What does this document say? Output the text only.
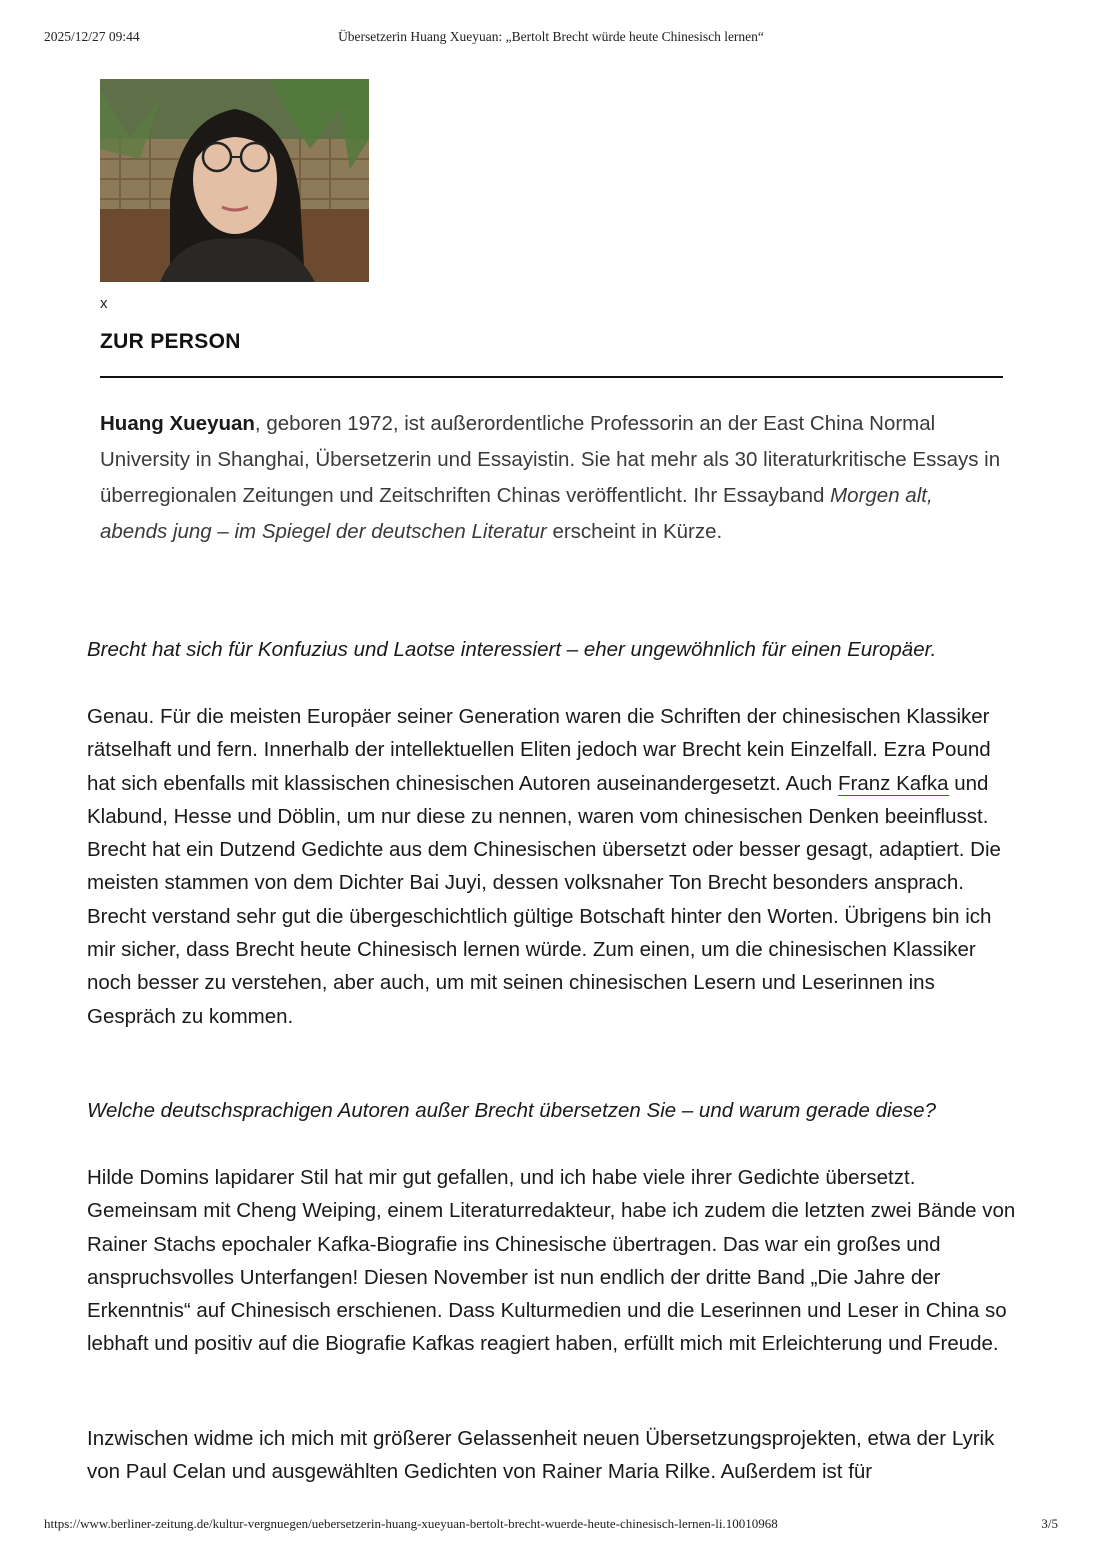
2025/12/27 09:44	Übersetzerin Huang Xueyuan: „Bertolt Brecht würde heute Chinesisch lernen“
x
ZUR PERSON

Huang Xueyuan, geboren 1972, ist außerordentliche Professorin an der East China Normal University in Shanghai, Übersetzerin und Essayistin. Sie hat mehr als 30 literaturkritische Essays in überregionalen Zeitungen und Zeitschriften Chinas veröffentlicht. Ihr Essayband Morgen alt, abends jung – im Spiegel der deutschen Literatur erscheint in Kürze.

Brecht hat sich für Konfuzius und Laotse interessiert – eher ungewöhnlich für einen Europäer.

Genau. Für die meisten Europäer seiner Generation waren die Schriften der chinesischen Klassiker rätselhaft und fern. Innerhalb der intellektuellen Eliten jedoch war Brecht kein Einzelfall. Ezra Pound hat sich ebenfalls mit klassischen chinesischen Autoren auseinandergesetzt. Auch Franz Kafka und Klabund, Hesse und Döblin, um nur diese zu nennen, waren vom chinesischen Denken beeinflusst. Brecht hat ein Dutzend Gedichte aus dem Chinesischen übersetzt oder besser gesagt, adaptiert. Die meisten stammen von dem Dichter Bai Juyi, dessen volksnaher Ton Brecht besonders ansprach. Brecht verstand sehr gut die übergeschichtlich gültige Botschaft hinter den Worten. Übrigens bin ich mir sicher, dass Brecht heute Chinesisch lernen würde. Zum einen, um die chinesischen Klassiker noch besser zu verstehen, aber auch, um mit seinen chinesischen Lesern und Leserinnen ins Gespräch zu kommen.

Welche deutschsprachigen Autoren außer Brecht übersetzen Sie – und warum gerade diese?

Hilde Domins lapidarer Stil hat mir gut gefallen, und ich habe viele ihrer Gedichte übersetzt. Gemeinsam mit Cheng Weiping, einem Literaturredakteur, habe ich zudem die letzten zwei Bände von Rainer Stachs epochaler Kafka-Biografie ins Chinesische übertragen. Das war ein großes und anspruchsvolles Unterfangen! Diesen November ist nun endlich der dritte Band „Die Jahre der Erkenntnis“ auf Chinesisch erschienen. Dass Kulturmedien und die Leserinnen und Leser in China so lebhaft und positiv auf die Biografie Kafkas reagiert haben, erfüllt mich mit Erleichterung und Freude.

Inzwischen widme ich mich mit größerer Gelassenheit neuen Übersetzungsprojekten, etwa der Lyrik von Paul Celan und ausgewählten Gedichten von Rainer Maria Rilke. Außerdem ist für

https://www.berliner-zeitung.de/kultur-vergnuegen/uebersetzerin-huang-xueyuan-bertolt-brecht-wuerde-heute-chinesisch-lernen-li.10010968	3/5
